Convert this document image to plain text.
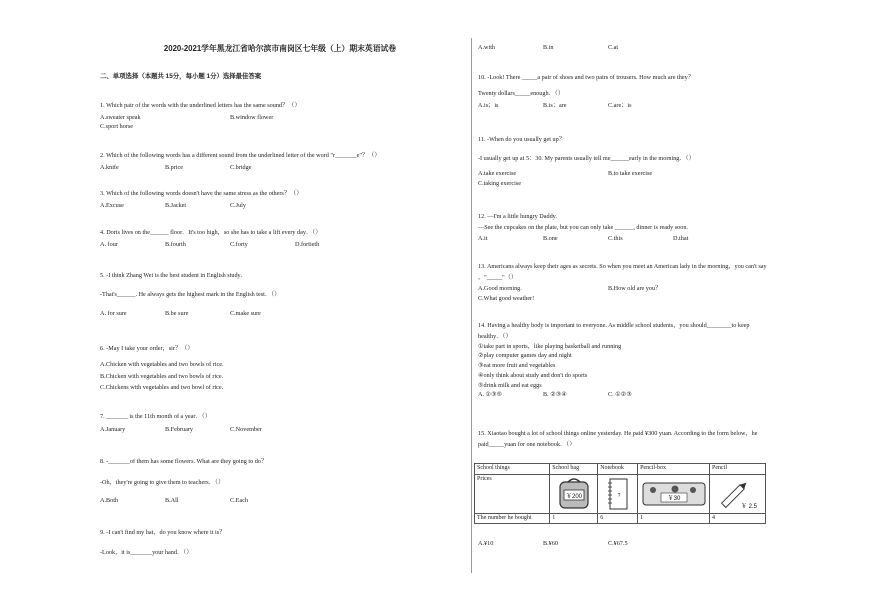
2020-2021学年黑龙江省哈尔滨市南岗区七年级（上）期末英语试卷
二、单项选择（本题共 15分，每小题 1分）选择最佳答案
1. Which pair of the words with the underlined letters has the same sound？（）
A.sweater speak	B.window flower
C.sport horse
2. Which of the following words has a different sound from the underlined letter of the word "r_______e"？（）
A.knife	B.price	C.bridge
3. Which of the following words doesn't have the same stress as the others？（）
A.Excuse	B.Jacket	C.July
4. Doris lives on the______ floor．It's too high，so she has to take a lift every day．（）
A. four	B.fourth	C.forty	D.fortieth
5. -I think Zhang Wei is the best student in English study．
-That's______. He always gets the highest mark in the English test．（）
A. for sure	B.be sure	C.make sure
6. -May I take your order，sir？（）
A.Chicken with vegetables and two bowls of rice.
B.Chicken with vegetables and two bowls of rice.
C.Chickens with vegetables and two bowl of rice.
7. _______ is the 11th month of a year．（）
A.January	B.February	C.November
8. -_______of them has some flowers. What are they going to do？
-Oh，they're going to give them to teachers．（）
A.Both	B.All	C.Each
9. -I can't find my hat，do you know where it is？
-Look，it is_______your hand．（）
A.with	B.in	C.at
10. -Look! There _____a pair of shoes and two pairs of trousers. How much are they？
Twenty dollars_____enough．（）
A.is；is	B.is；are	C.are；is
11. -When do you usually get up？
-I usually get up at 5：30. My parents usually tell me______early in the morning．（）
A.take exercise	B.to take exercise
C.taking exercise
12. —I'm a little hungry Daddy.
—See the cupcakes on the plate, but you can only take ______, dinner is ready soon.
A.it	B.one	C.this	D.that
13. Americans always keep their ages as secrets. So when you meet an American lady in the morning，you can't say
，"_____"（）
A.Good morning.	B.How old are you？
C.What good weather!
14. Having a healthy body is important to everyone. As middle school students，you should________to keep
healthy．（）
①take part in sports，like playing basketball and running
②play computer games day and night
③eat more fruit and vegetables
④only think about study and don't do sports
⑤drink milk and eat eggs
A. ①③⑤	B. ②③④	C. ①②③
15. Xiaotao bought a lot of school things online yesterday. He paid ¥300 yuan. According to the form below，he
paid_____yuan for one notebook．（）
School things	School bag	Notebook	Pencil-box	Pencil
Prices	￥200	?	￥30	￥ 2.5

The number he bought	1	6	1	4
A.¥10	B.¥60	C.¥67.5
